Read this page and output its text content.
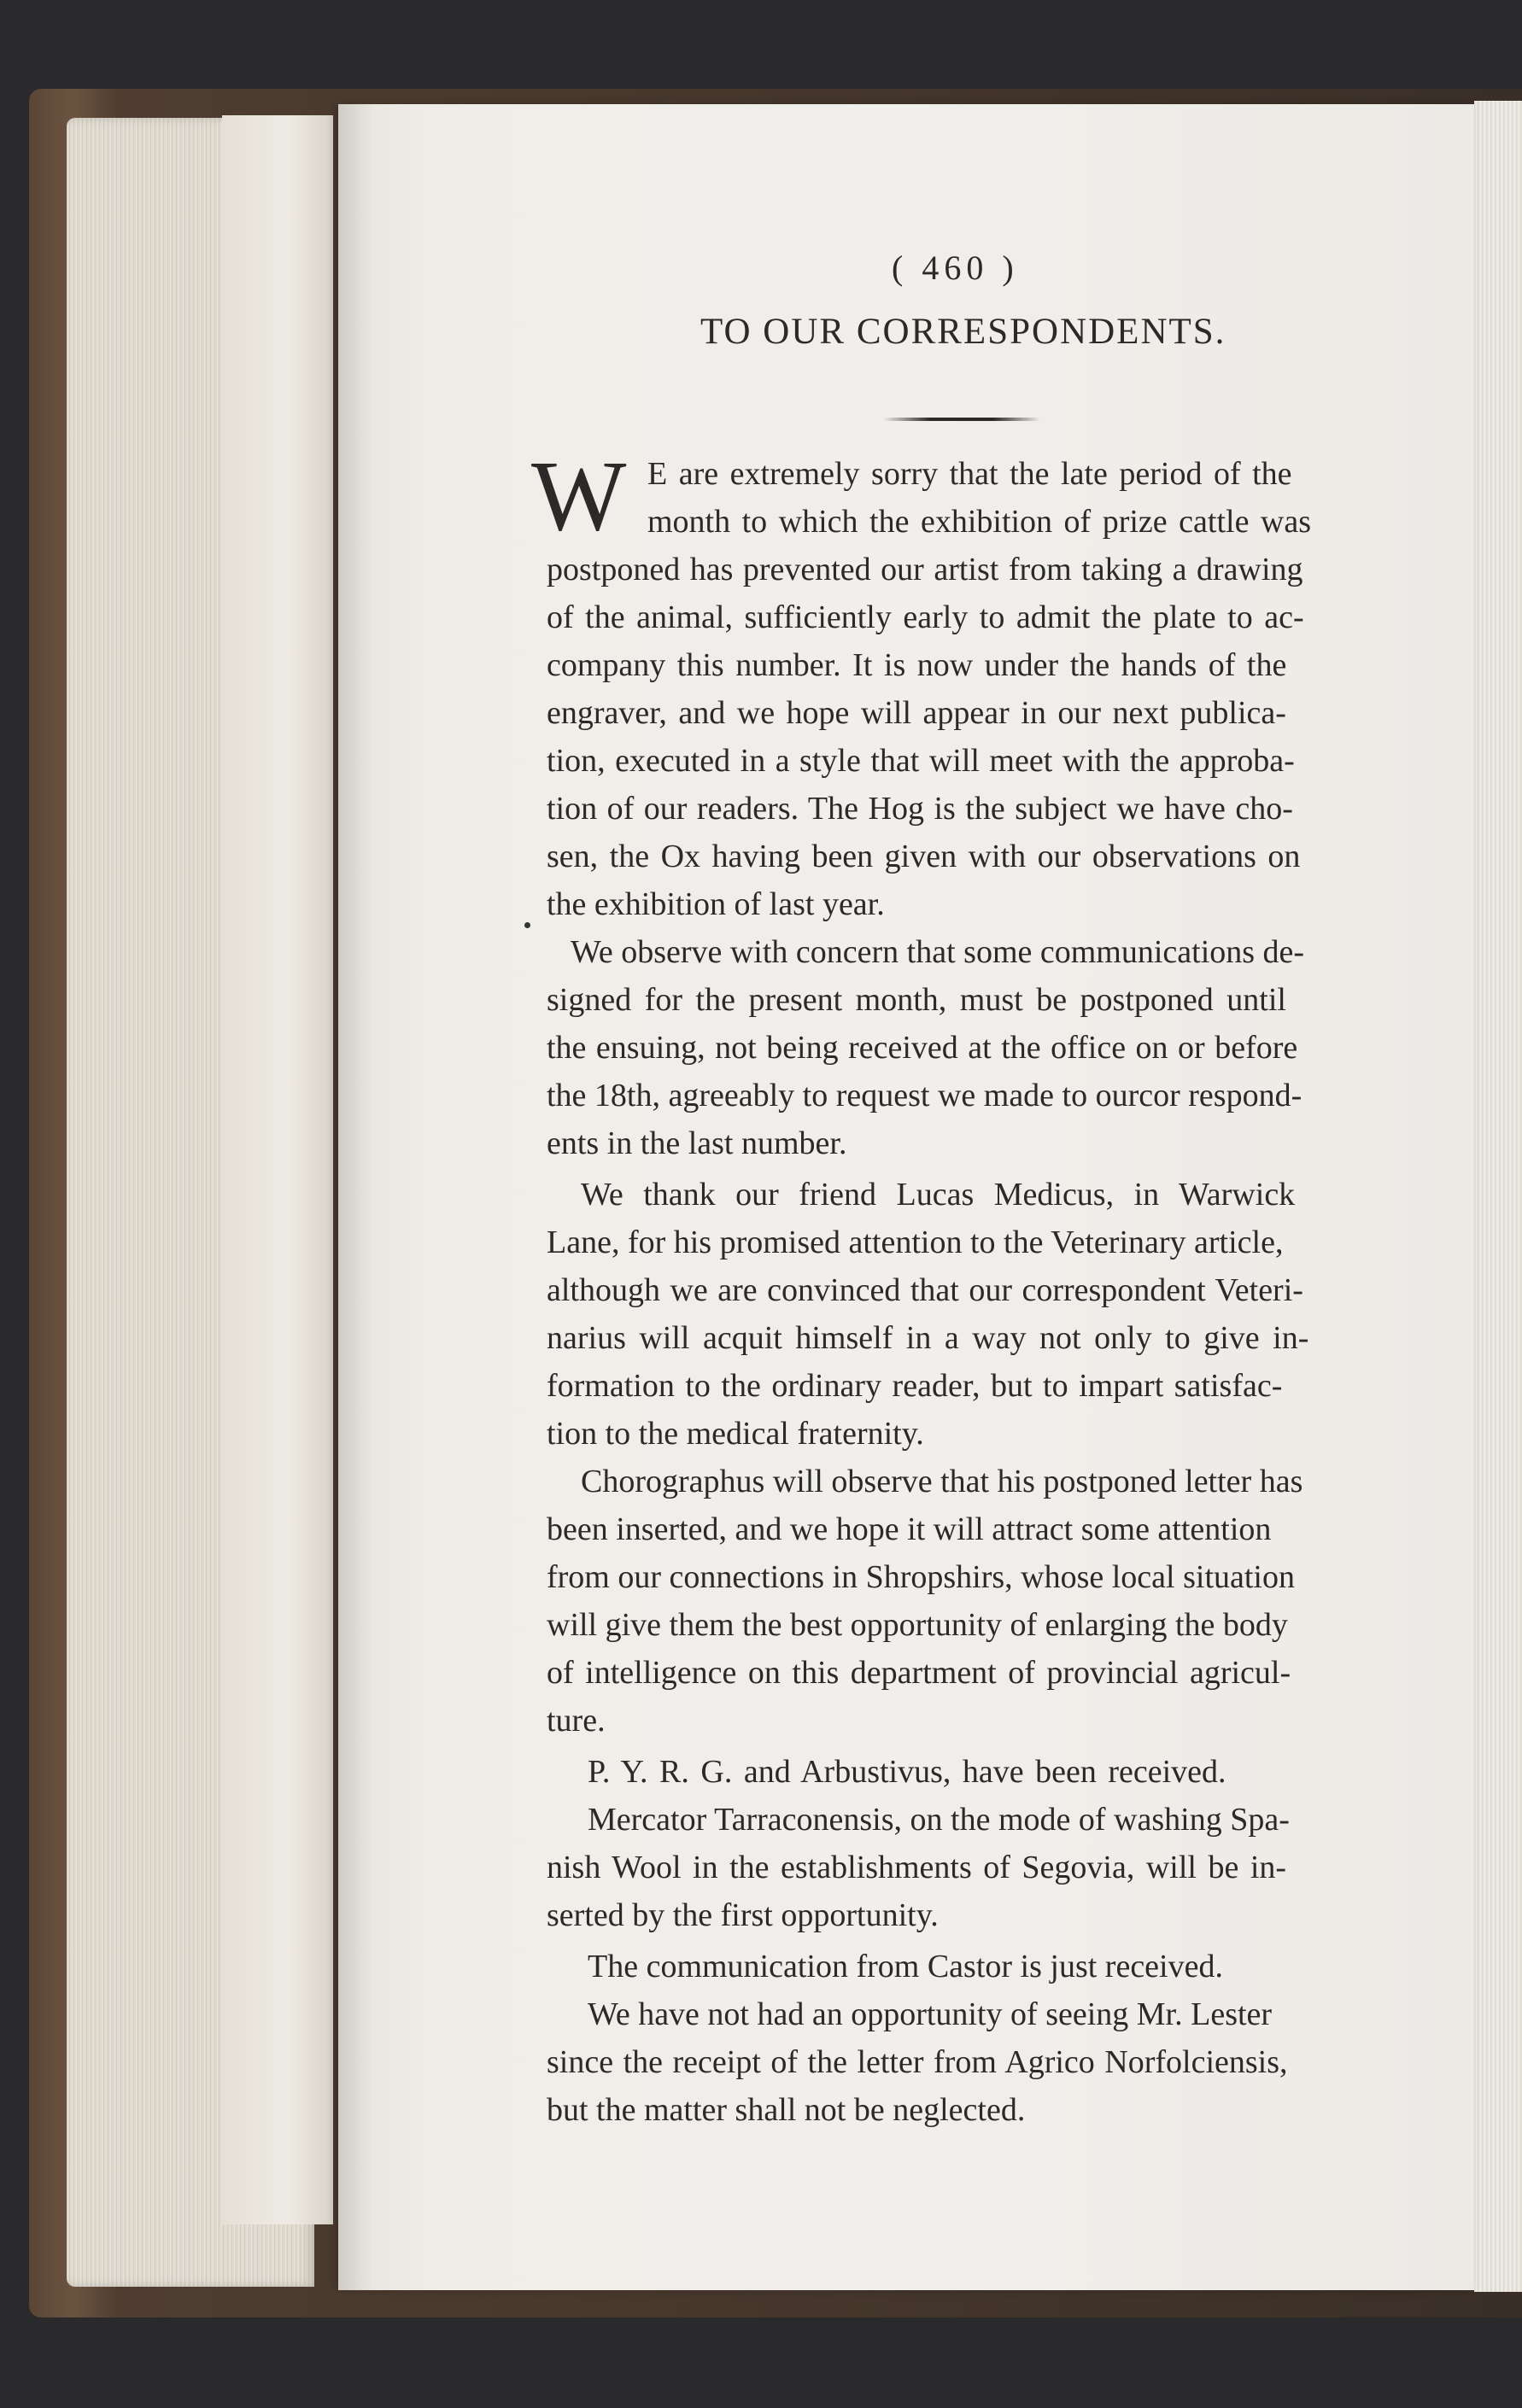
( 460 )
TO OUR CORRESPONDENTS.
W E are extremely sorry that the late period of the
month to which the exhibition of prize cattle was
postponed has prevented our artist from taking a drawing
of the animal, sufficiently early to admit the plate to ac-
company this number. It is now under the hands of the
engraver, and we hope will appear in our next publica-
tion, executed in a style that will meet with the approba-
tion of our readers. The Hog is the subject we have cho-
sen, the Ox having been given with our observations on
the exhibition of last year.
We observe with concern that some communications de-
signed for the present month, must be postponed until
the ensuing, not being received at the office on or before
the 18th, agreeably to request we made to ourcor respond-
ents in the last number.
We thank our friend Lucas Medicus, in Warwick
Lane, for his promised attention to the Veterinary article,
although we are convinced that our correspondent Veteri-
narius will acquit himself in a way not only to give in-
formation to the ordinary reader, but to impart satisfac-
tion to the medical fraternity.
Chorographus will observe that his postponed letter has
been inserted, and we hope it will attract some attention
from our connections in Shropshirs, whose local situation
will give them the best opportunity of enlarging the body
of intelligence on this department of provincial agricul-
ture.
P. Y. R. G. and Arbustivus, have been received.
Mercator Tarraconensis, on the mode of washing Spa-
nish Wool in the establishments of Segovia, will be in-
serted by the first opportunity.
The communication from Castor is just received.
We have not had an opportunity of seeing Mr. Lester
since the receipt of the letter from Agrico Norfolciensis,
but the matter shall not be neglected.
